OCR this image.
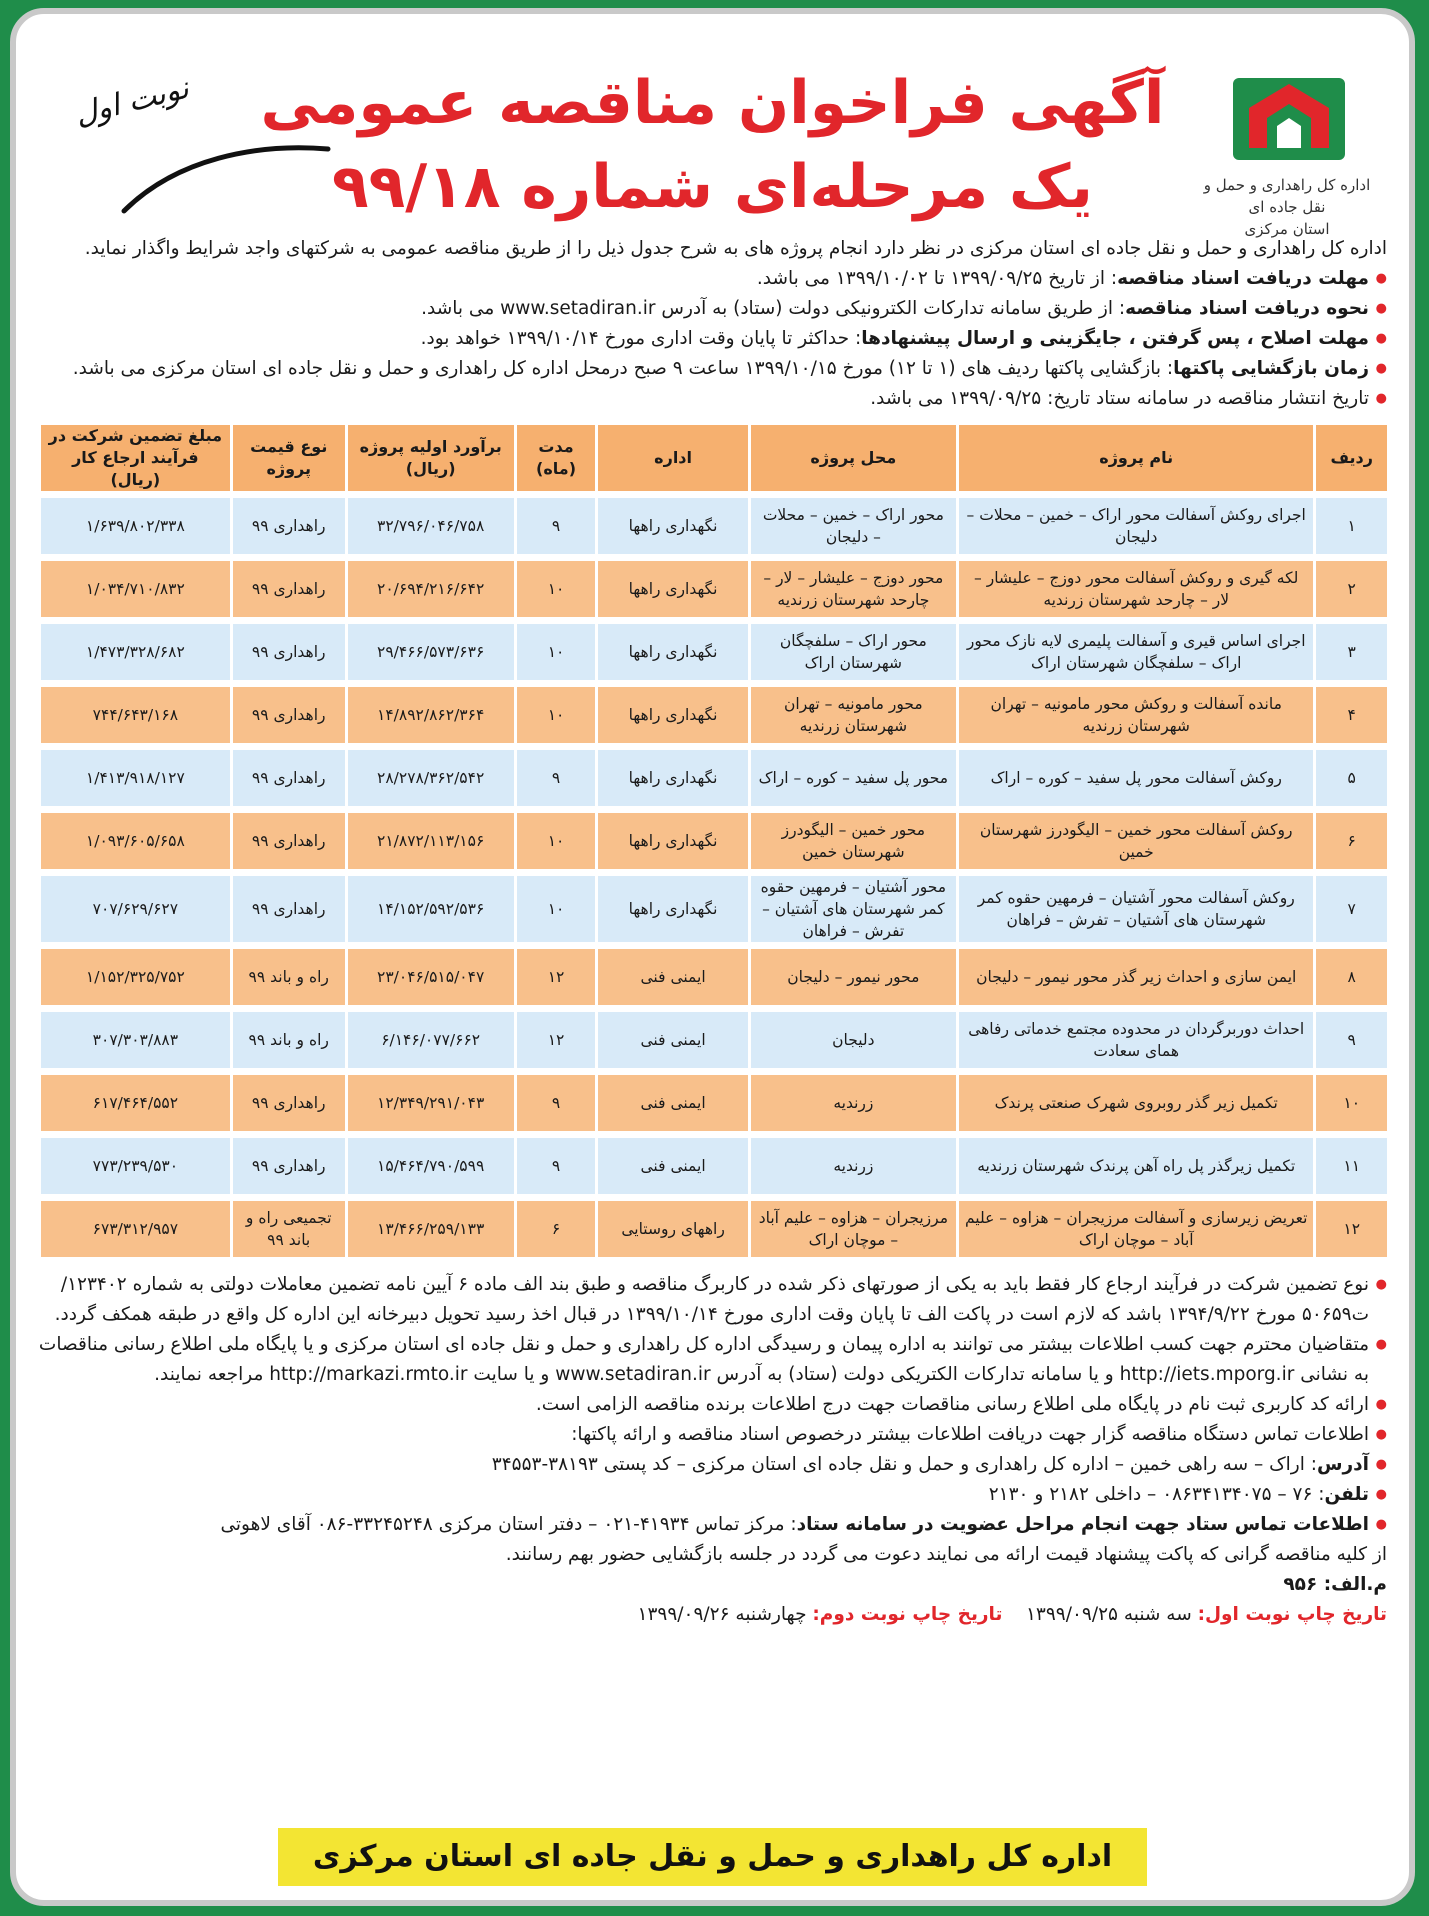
اداره کل راهداری و حمل و نقل جاده ای
استان مرکزی
آگهی فراخوان مناقصه عمومی
یک مرحله‌ای شماره ۹۹/۱۸
نوبت اول
اداره کل راهداری و حمل و نقل جاده ای استان مرکزی در نظر دارد انجام پروژه های به شرح جدول ذیل را از طریق مناقصه عمومی به شرکتهای واجد شرایط واگذار نماید.
● مهلت دریافت اسناد مناقصه: از تاریخ ۱۳۹۹/۰۹/۲۵ تا ۱۳۹۹/۱۰/۰۲ می باشد.
● نحوه دریافت اسناد مناقصه: از طریق سامانه تدارکات الکترونیکی دولت (ستاد) به آدرس www.setadiran.ir می باشد.
● مهلت اصلاح ، پس گرفتن ، جایگزینی و ارسال پیشنهادها: حداکثر تا پایان وقت اداری مورخ ۱۳۹۹/۱۰/۱۴ خواهد بود.
● زمان بازگشایی پاکتها: بازگشایی پاکتها ردیف های (۱ تا ۱۲) مورخ ۱۳۹۹/۱۰/۱۵ ساعت ۹ صبح درمحل اداره کل راهداری و حمل و نقل جاده ای استان مرکزی می باشد.
● تاریخ انتشار مناقصه در سامانه ستاد تاریخ: ۱۳۹۹/۰۹/۲۵ می باشد.
ردیف	نام پروژه	محل پروژه	اداره	مدت (ماه)	برآورد اولیه پروژه (ریال)	نوع قیمت پروژه	مبلغ تضمین شرکت در فرآیند ارجاع کار (ریال)
۱	اجرای روکش آسفالت محور اراک – خمین – محلات – دلیجان	محور اراک – خمین – محلات – دلیجان	نگهداری راهها	۹	۳۲/۷۹۶/۰۴۶/۷۵۸	راهداری ۹۹	۱/۶۳۹/۸۰۲/۳۳۸
۲	لکه گیری و روکش آسفالت محور دوزج – علیشار – لار – چارحد شهرستان زرندیه	محور دوزج – علیشار – لار – چارحد شهرستان زرندیه	نگهداری راهها	۱۰	۲۰/۶۹۴/۲۱۶/۶۴۲	راهداری ۹۹	۱/۰۳۴/۷۱۰/۸۳۲
۳	اجرای اساس قیری و آسفالت پلیمری لایه نازک محور اراک – سلفچگان شهرستان اراک	محور اراک – سلفچگان شهرستان اراک	نگهداری راهها	۱۰	۲۹/۴۶۶/۵۷۳/۶۳۶	راهداری ۹۹	۱/۴۷۳/۳۲۸/۶۸۲
۴	مانده آسفالت و روکش محور مامونیه – تهران شهرستان زرندیه	محور مامونیه – تهران شهرستان زرندیه	نگهداری راهها	۱۰	۱۴/۸۹۲/۸۶۲/۳۶۴	راهداری ۹۹	۷۴۴/۶۴۳/۱۶۸
۵	روکش آسفالت محور پل سفید – کوره – اراک	محور پل سفید – کوره – اراک	نگهداری راهها	۹	۲۸/۲۷۸/۳۶۲/۵۴۲	راهداری ۹۹	۱/۴۱۳/۹۱۸/۱۲۷
۶	روکش آسفالت محور خمین – الیگودرز شهرستان خمین	محور خمین – الیگودرز شهرستان خمین	نگهداری راهها	۱۰	۲۱/۸۷۲/۱۱۳/۱۵۶	راهداری ۹۹	۱/۰۹۳/۶۰۵/۶۵۸
۷	روکش آسفالت محور آشتیان – فرمهین حقوه کمر شهرستان های آشتیان – تفرش – فراهان	محور آشتیان – فرمهین حقوه کمر شهرستان های آشتیان – تفرش – فراهان	نگهداری راهها	۱۰	۱۴/۱۵۲/۵۹۲/۵۳۶	راهداری ۹۹	۷۰۷/۶۲۹/۶۲۷
۸	ایمن سازی و احداث زیر گذر محور نیمور – دلیجان	محور نیمور – دلیجان	ایمنی فنی	۱۲	۲۳/۰۴۶/۵۱۵/۰۴۷	راه و باند ۹۹	۱/۱۵۲/۳۲۵/۷۵۲
۹	احداث دوربرگردان در محدوده مجتمع خدماتی رفاهی همای سعادت	دلیجان	ایمنی فنی	۱۲	۶/۱۴۶/۰۷۷/۶۶۲	راه و باند ۹۹	۳۰۷/۳۰۳/۸۸۳
۱۰	تکمیل زیر گذر روبروی شهرک صنعتی پرندک	زرندیه	ایمنی فنی	۹	۱۲/۳۴۹/۲۹۱/۰۴۳	راهداری ۹۹	۶۱۷/۴۶۴/۵۵۲
۱۱	تکمیل زیرگذر پل راه آهن پرندک شهرستان زرندیه	زرندیه	ایمنی فنی	۹	۱۵/۴۶۴/۷۹۰/۵۹۹	راهداری ۹۹	۷۷۳/۲۳۹/۵۳۰
۱۲	تعریض زیرسازی و آسفالت مرزیجران – هزاوه – علیم آباد – موچان اراک	مرزیجران – هزاوه – علیم آباد – موچان اراک	راههای روستایی	۶	۱۳/۴۶۶/۲۵۹/۱۳۳	تجمیعی راه و باند ۹۹	۶۷۳/۳۱۲/۹۵۷
● نوع تضمین شرکت در فرآیند ارجاع کار فقط باید به یکی از صورتهای ذکر شده در کاربرگ مناقصه و طبق بند الف ماده ۶ آیین نامه تضمین معاملات دولتی به شماره ۱۲۳۴۰۲/ت۵۰۶۵۹ مورخ ۱۳۹۴/۹/۲۲ باشد که لازم است در پاکت الف تا پایان وقت اداری مورخ ۱۳۹۹/۱۰/۱۴ در قبال اخذ رسید تحویل دبیرخانه این اداره کل واقع در طبقه همکف گردد.
● متقاضیان محترم جهت کسب اطلاعات بیشتر می توانند به اداره پیمان و رسیدگی اداره کل راهداری و حمل و نقل جاده ای استان مرکزی و یا پایگاه ملی اطلاع رسانی مناقصات به نشانی http://iets.mporg.ir و یا سامانه تدارکات الکتریکی دولت (ستاد) به آدرس www.setadiran.ir و یا سایت http://markazi.rmto.ir مراجعه نمایند.
● ارائه کد کاربری ثبت نام در پایگاه ملی اطلاع رسانی مناقصات جهت درج اطلاعات برنده مناقصه الزامی است.
● اطلاعات تماس دستگاه مناقصه گزار جهت دریافت اطلاعات بیشتر درخصوص اسناد مناقصه و ارائه پاکتها:
● آدرس: اراک – سه راهی خمین – اداره کل راهداری و حمل و نقل جاده ای استان مرکزی – کد پستی ۳۸۱۹۳-۳۴۵۵۳
● تلفن: ۷۶ – ۰۸۶۳۴۱۳۴۰۷۵ – داخلی ۲۱۸۲ و ۲۱۳۰
● اطلاعات تماس ستاد جهت انجام مراحل عضویت در سامانه ستاد: مرکز تماس ۴۱۹۳۴-۰۲۱ – دفتر استان مرکزی ۳۳۲۴۵۲۴۸-۰۸۶ آقای لاهوتی
از کلیه مناقصه گرانی که پاکت پیشنهاد قیمت ارائه می نمایند دعوت می گردد در جلسه بازگشایی حضور بهم رسانند.
م.الف: ۹۵۶
تاریخ چاپ نوبت اول: سه شنبه ۱۳۹۹/۰۹/۲۵    تاریخ چاپ نوبت دوم: چهارشنبه ۱۳۹۹/۰۹/۲۶
اداره کل راهداری و حمل و نقل جاده ای استان مرکزی
